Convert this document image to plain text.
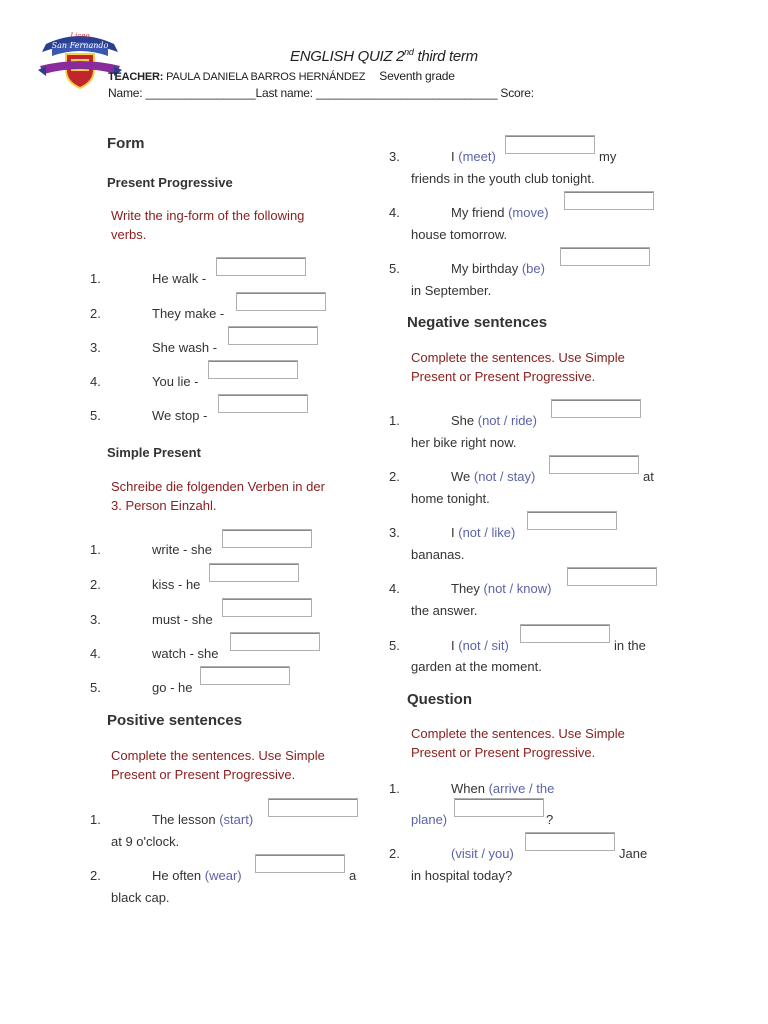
Liceo
San Fernando
ENGLISH QUIZ 2nd third term
TEACHER: PAULA DANIELA BARROS HERNÁNDEZ Seventh grade
Name: _________________Last name: ____________________________ Score:
Form
Present Progressive
Write the ing-form of the following
verbs.
1.	He walk -
2.	They make -
3.	She wash -
4.	You lie -
5.	We stop -
Simple Present
Schreibe die folgenden Verben in der
3. Person Einzahl.
1.	write - she
2.	kiss - he
3.	must - she
4.	watch - she
5.	go - he
Positive sentences
Complete the sentences. Use Simple
Present or Present Progressive.
1.	The lesson (start)
at 9 o'clock.
2.	He often (wear)	a
black cap.
3.	I (meet)	my
friends in the youth club tonight.
4.	My friend (move)
house tomorrow.
5.	My birthday (be)
in September.
Negative sentences
Complete the sentences. Use Simple
Present or Present Progressive.
1.	She (not / ride)
her bike right now.
2.	We (not / stay)	at
home tonight.
3.	I (not / like)
bananas.
4.	They (not / know)
the answer.
5.	I (not / sit)	in the
garden at the moment.
Question
Complete the sentences. Use Simple
Present or Present Progressive.
1.	When (arrive / the
plane)	?
2.	(visit / you)	Jane
in hospital today?
